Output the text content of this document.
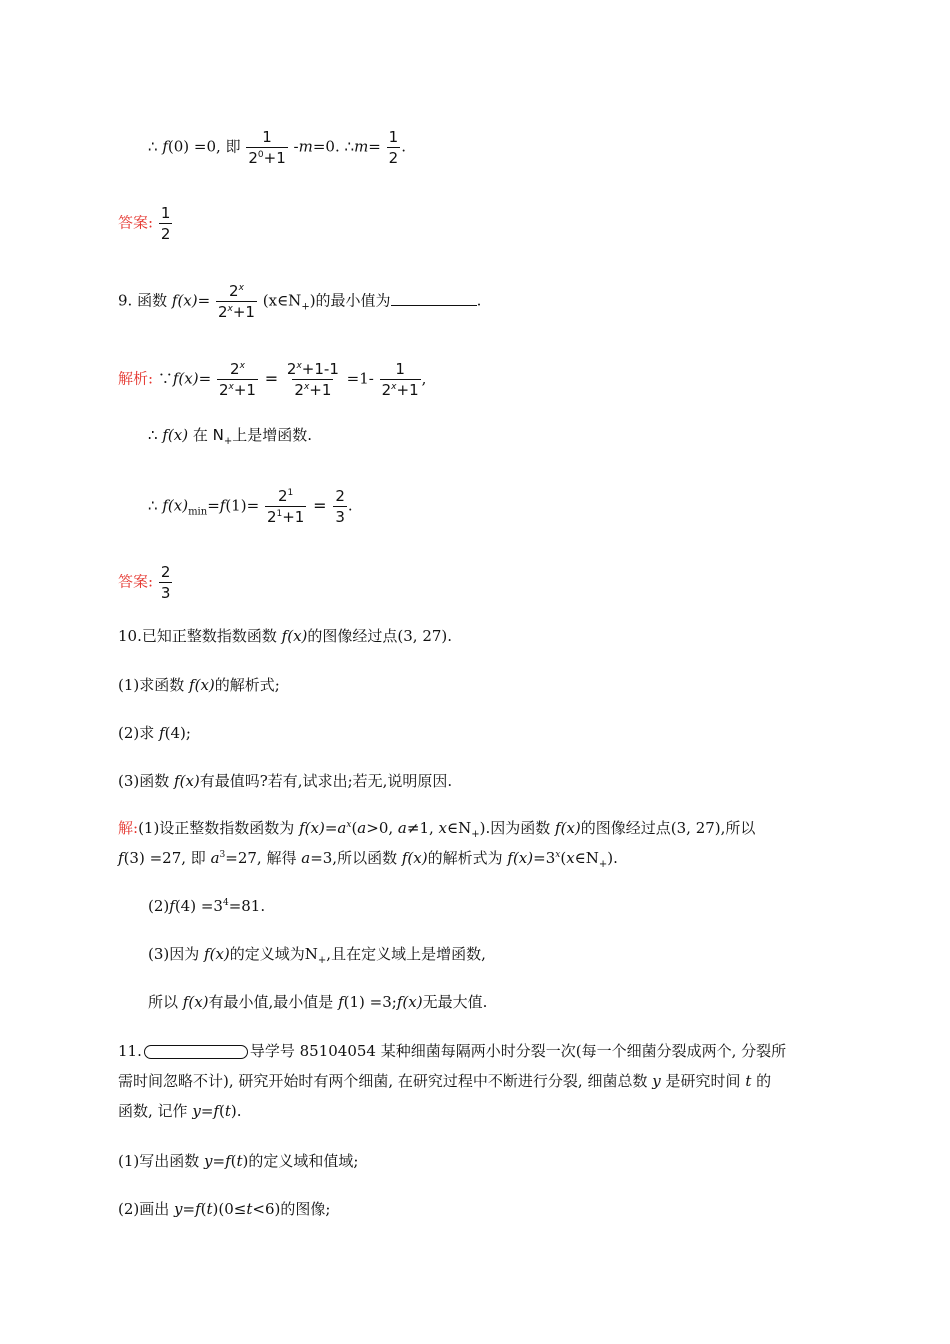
∴ f(0) =0, 即 $\frac{1}{2^0+1} -m=0$. ∴m= $\frac{1}{2}$ .
答案: $\frac{1}{2}$
9. 函数 $f(x)= \frac{2^x}{2^x+1}$ $(x\in N_+)$的最小值为	.
解析: ∵f(x)= $\frac{2^x}{2^x+1} = \frac{2^x+1-1}{2^x+1} =1- \frac{1}{2^x+1}$ ,
∴ f(x) 在 $N_+$上是增函数.
∴ $f(x)_{min}=f(1)= \frac{2^1}{2^1+1} = \frac{2}{3}$ .
答案: $\frac{2}{3}$
10.已知正整数指数函数 f(x)的图像经过点(3, 27).
(1)求函数 f(x)的解析式;
(2)求 f(4);
(3)函数 f(x)有最值吗?若有,试求出;若无,说明原因.
解:(1)设正整数指数函数为 $f(x)=a^x(a>0$, a≠1, $x\in N_+$).因为函数 f(x)的图像经过点(3, 27),所以
f(3) =27, 即 $a^3=27$, 解得 a=3,所以函数 f(x)的解析式为 $f(x)=3^x(x\in N_+)$.
$(2)f(4) =3^4=81$.
(3)因为 f(x)的定义域为$N_+$,且在定义域上是增函数,
所以 f(x)有最小值,最小值是 f(1) =3;f(x)无最大值.
11.	导学号 85104054 某种细菌每隔两小时分裂一次(每一个细菌分裂成两个, 分裂所
需时间忽略不计), 研究开始时有两个细菌, 在研究过程中不断进行分裂, 细菌总数 y 是研究时间 t 的
函数, 记作 y=f(t).
(1)写出函数 y=f(t)的定义域和值域;
(2)画出 y=f(t)(0≤t<6)的图像;
